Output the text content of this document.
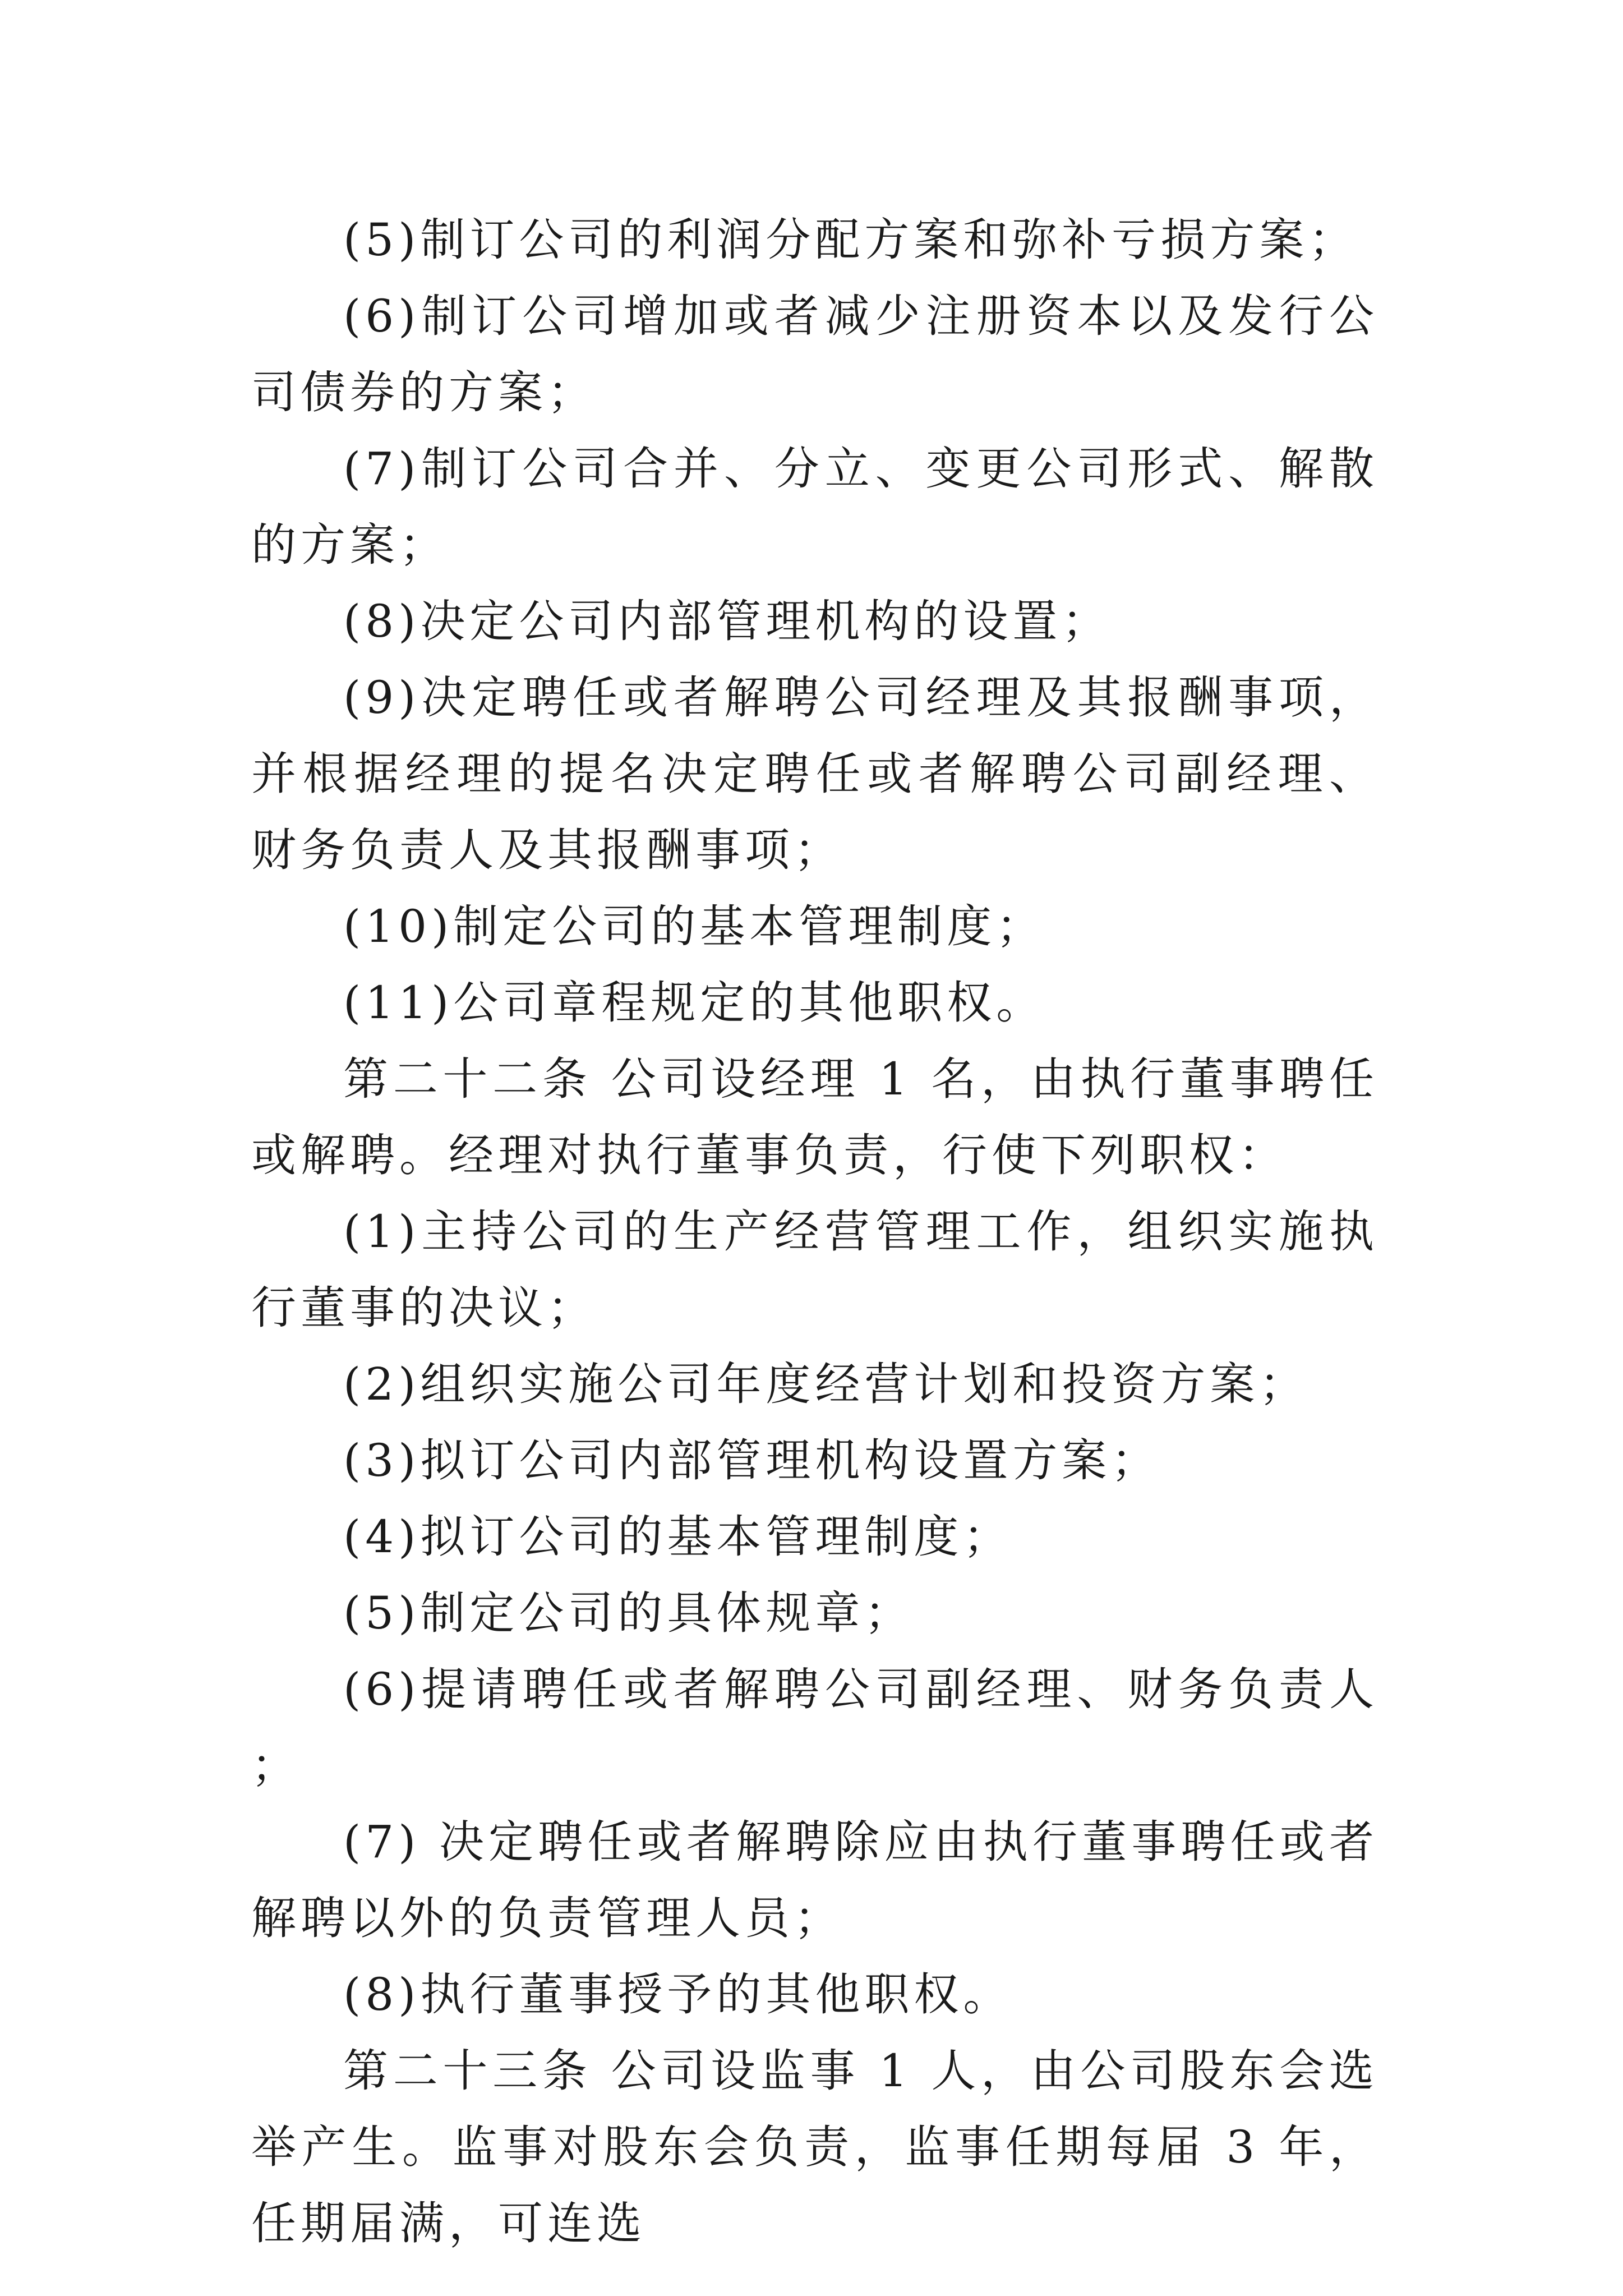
(5)制订公司的利润分配方案和弥补亏损方案；

(6)制订公司增加或者减少注册资本以及发行公司债券的方案；

(7)制订公司合并、分立、变更公司形式、解散的方案；

(8)决定公司内部管理机构的设置；

(9)决定聘任或者解聘公司经理及其报酬事项，并根据经理的提名决定聘任或者解聘公司副经理、财务负责人及其报酬事项；

(10)制定公司的基本管理制度；

(11)公司章程规定的其他职权。

第二十二条 公司设经理 1 名，由执行董事聘任或解聘。经理对执行董事负责，行使下列职权：

(1)主持公司的生产经营管理工作，组织实施执行董事的决议；

(2)组织实施公司年度经营计划和投资方案；

(3)拟订公司内部管理机构设置方案；

(4)拟订公司的基本管理制度；

(5)制定公司的具体规章；

(6)提请聘任或者解聘公司副经理、财务负责人；

(7) 决定聘任或者解聘除应由执行董事聘任或者解聘以外的负责管理人员；

(8)执行董事授予的其他职权。

第二十三条 公司设监事 1 人，由公司股东会选举产生。监事对股东会负责，监事任期每届 3 年，任期届满，可连选
